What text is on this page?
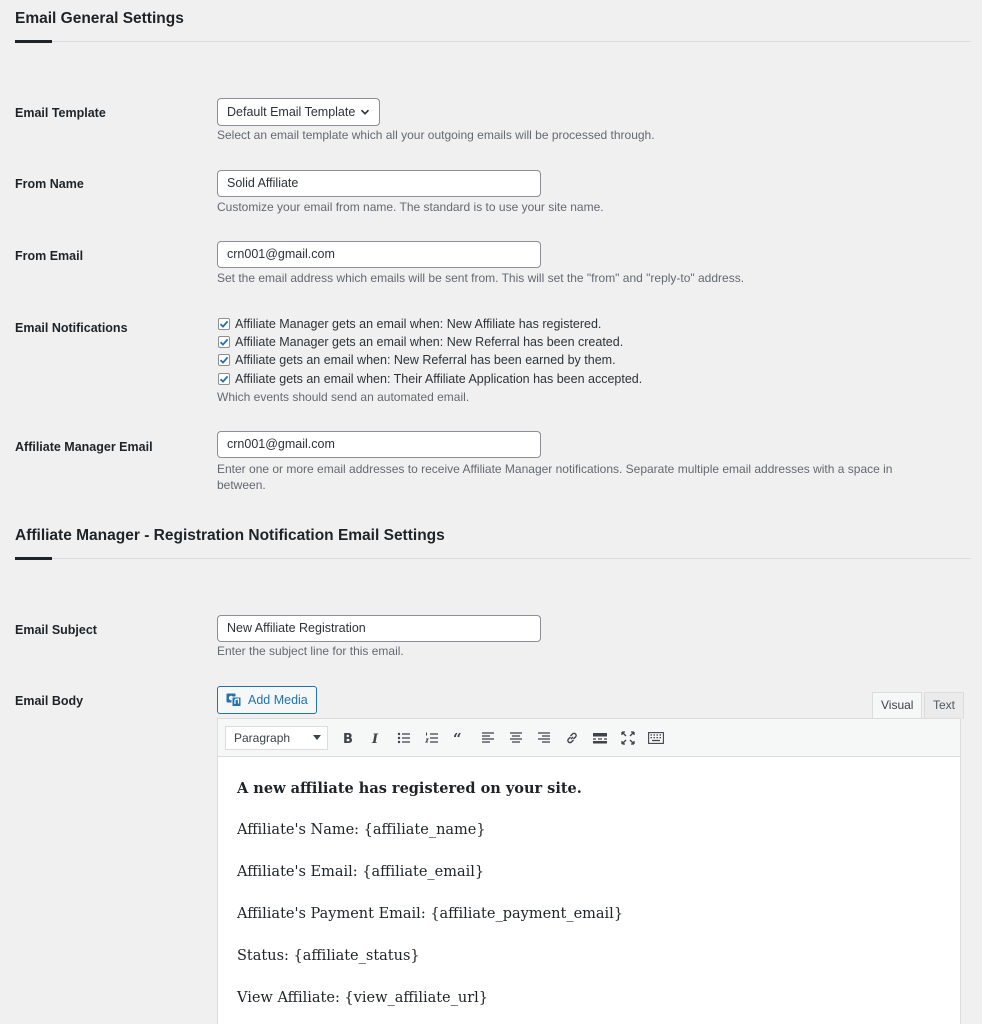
Email General Settings
Email Template	Default Email Template
Select an email template which all your outgoing emails will be processed through.
From Name	Solid Affiliate
Customize your email from name. The standard is to use your site name.
From Email	crn001@gmail.com
Set the email address which emails will be sent from. This will set the "from" and "reply-to" address.
Email Notifications	Affiliate Manager gets an email when: New Affiliate has registered.
Affiliate Manager gets an email when: New Referral has been created.
Affiliate gets an email when: New Referral has been earned by them.
Affiliate gets an email when: Their Affiliate Application has been accepted.
Which events should send an automated email.
Affiliate Manager Email	crn001@gmail.com
Enter one or more email addresses to receive Affiliate Manager notifications. Separate multiple email addresses with a space in
between.
Affiliate Manager - Registration Notification Email Settings
Email Subject	New Affiliate Registration
Enter the subject line for this email.
Email Body	Add Media	Visual	Text
Paragraph	B I	“

A new affiliate has registered on your site.

Affiliate's Name: {affiliate_name}

Affiliate's Email: {affiliate_email}

Affiliate's Payment Email: {affiliate_payment_email}

Status: {affiliate_status}

View Affiliate: {view_affiliate_url}
